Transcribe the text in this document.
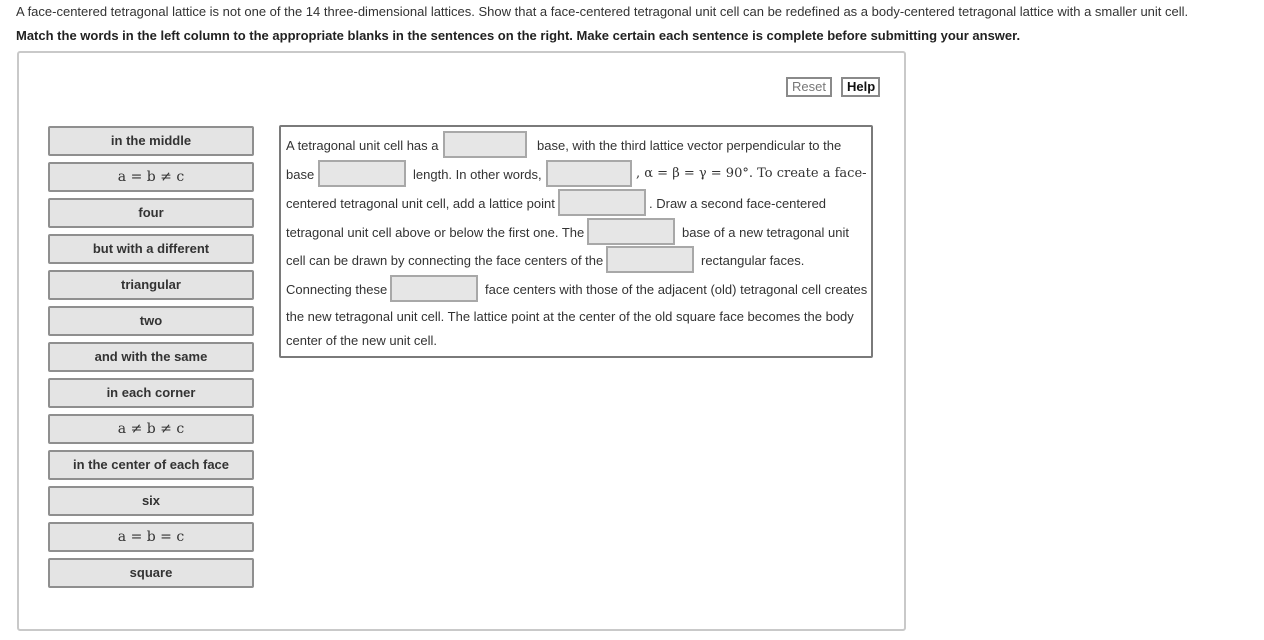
A face-centered tetragonal lattice is not one of the 14 three-dimensional lattices. Show that a face-centered tetragonal unit cell can be redefined as a body-centered tetragonal lattice with a smaller unit cell.
Match the words in the left column to the appropriate blanks in the sentences on the right. Make certain each sentence is complete before submitting your answer.
Reset	Help
in the middle
a = b ≠ c
four
but with a different
triangular
two
and with the same
in each corner
a ≠ b ≠ c
in the center of each face
six
a = b = c
square
A tetragonal unit cell has a	base, with the third lattice vector perpendicular to the
base	length. In other words,	, α = β = γ = 90°. To create a face-
centered tetragonal unit cell, add a lattice point	. Draw a second face-centered
tetragonal unit cell above or below the first one. The	base of a new tetragonal unit
cell can be drawn by connecting the face centers of the	rectangular faces.
Connecting these	face centers with those of the adjacent (old) tetragonal cell creates
the new tetragonal unit cell. The lattice point at the center of the old square face becomes the body
center of the new unit cell.
